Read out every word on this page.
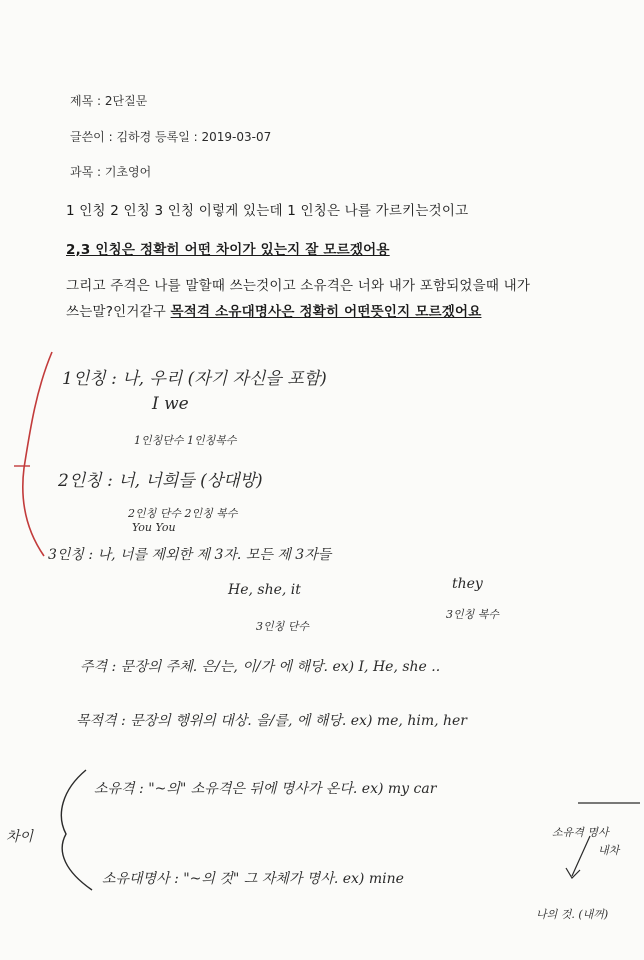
제목 : 2단질문
글쓴이 : 김하경 등록일 : 2019-03-07
과목 : 기초영어
1 인칭 2 인칭 3 인칭 이렇게 있는데 1 인칭은 나를 가르키는것이고
2,3 인칭은 정확히 어떤 차이가 있는지 잘 모르겠어용
그리고 주격은 나를 말할때 쓰는것이고 소유격은 너와 내가 포함되었을때 내가
쓰는말?인거같구 목적격 소유대명사은 정확히 어떤뜻인지 모르겠어요
1인칭 : 나, 우리 (자기 자신을 포함)
I we
1인칭단수 1인칭복수
2인칭 : 너, 너희들 (상대방)
2인칭 단수 2인칭 복수
You You
3인칭 : 나, 너를 제외한 제 3자. 모든 제 3자들
He, she, it	they
3인칭 단수
3인칭 복수
주격 : 문장의 주체. 은/는, 이/가 에 해당. ex) I, He, she ..
목적격 : 문장의 행위의 대상. 을/를, 에 해당. ex) me, him, her
소유격 : "~의" 소유격은 뒤에 명사가 온다. ex) my car
소유격 명사
내차
소유대명사 : "~의 것" 그 자체가 명사. ex) mine
나의 것. (내꺼)
차이
